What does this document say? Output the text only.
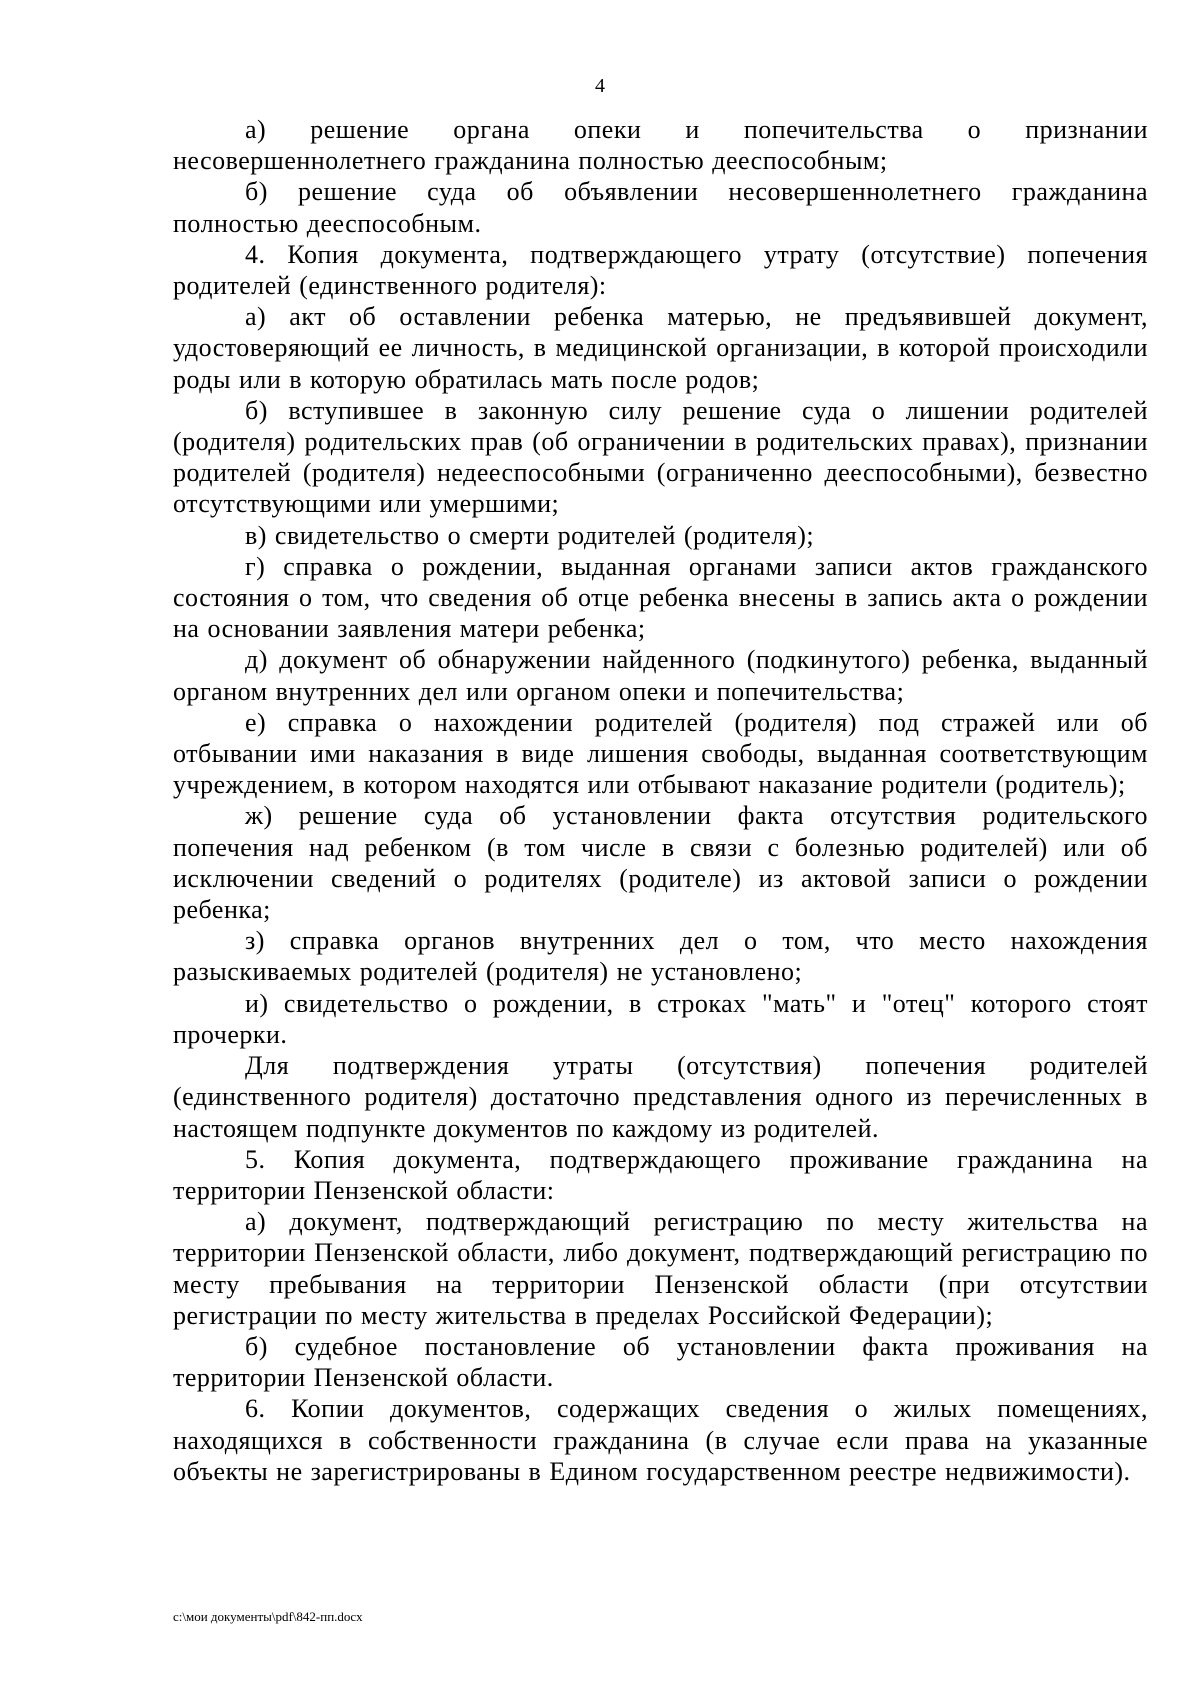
4

а) решение органа опеки и попечительства о признании несовершеннолетнего гражданина полностью дееспособным;

б) решение суда об объявлении несовершеннолетнего гражданина полностью дееспособным.

4. Копия документа, подтверждающего утрату (отсутствие) попечения родителей (единственного родителя):

а) акт об оставлении ребенка матерью, не предъявившей документ, удостоверяющий ее личность, в медицинской организации, в которой происходили роды или в которую обратилась мать после родов;

б) вступившее в законную силу решение суда о лишении родителей (родителя) родительских прав (об ограничении в родительских правах), признании родителей (родителя) недееспособными (ограниченно дееспособными), безвестно отсутствующими или умершими;

в) свидетельство о смерти родителей (родителя);

г) справка о рождении, выданная органами записи актов гражданского состояния о том, что сведения об отце ребенка внесены в запись акта о рождении на основании заявления матери ребенка;

д) документ об обнаружении найденного (подкинутого) ребенка, выданный органом внутренних дел или органом опеки и попечительства;

е) справка о нахождении родителей (родителя) под стражей или об отбывании ими наказания в виде лишения свободы, выданная соответствующим учреждением, в котором находятся или отбывают наказание родители (родитель);

ж) решение суда об установлении факта отсутствия родительского попечения над ребенком (в том числе в связи с болезнью родителей) или об исключении сведений о родителях (родителе) из актовой записи о рождении ребенка;

з) справка органов внутренних дел о том, что место нахождения разыскиваемых родителей (родителя) не установлено;

и) свидетельство о рождении, в строках "мать" и "отец" которого стоят прочерки.

Для подтверждения утраты (отсутствия) попечения родителей (единственного родителя) достаточно представления одного из перечисленных в настоящем подпункте документов по каждому из родителей.

5. Копия документа, подтверждающего проживание гражданина на территории Пензенской области:

а) документ, подтверждающий регистрацию по месту жительства на территории Пензенской области, либо документ, подтверждающий регистрацию по месту пребывания на территории Пензенской области (при отсутствии регистрации по месту жительства в пределах Российской Федерации);

б) судебное постановление об установлении факта проживания на территории Пензенской области.

6. Копии документов, содержащих сведения о жилых помещениях, находящихся в собственности гражданина (в случае если права на указанные объекты не зарегистрированы в Едином государственном реестре недвижимости).

c:\мои документы\pdf\842-пп.docx
